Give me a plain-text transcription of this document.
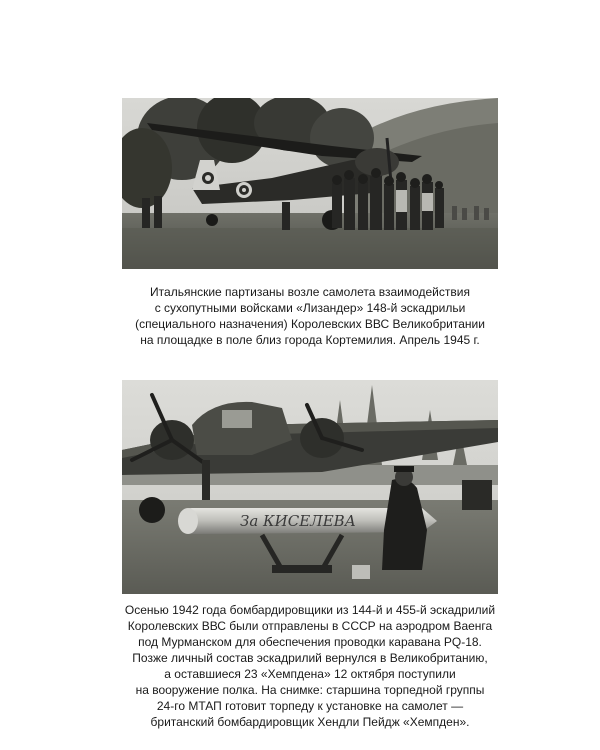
Итальянские партизаны возле самолета взаимодействия
с сухопутными войсками «Лизандер» 148-й эскадрильи
(специального назначения) Королевских ВВС Великобритании
на площадке в поле близ города Кортемилия. Апрель 1945 г.

За КИСЕЛЕВА

Осенью 1942 года бомбардировщики из 144-й и 455-й эскадрилий
Королевских ВВС были отправлены в СССР на аэродром Ваенга
под Мурманском для обеспечения проводки каравана PQ-18.
Позже личный состав эскадрилий вернулся в Великобританию,
а оставшиеся 23 «Хемпдена» 12 октября поступили
на вооружение полка. На снимке: старшина торпедной группы
24-го МТАП готовит торпеду к установке на самолет —
британский бомбардировщик Хендли Пейдж «Хемпден».
